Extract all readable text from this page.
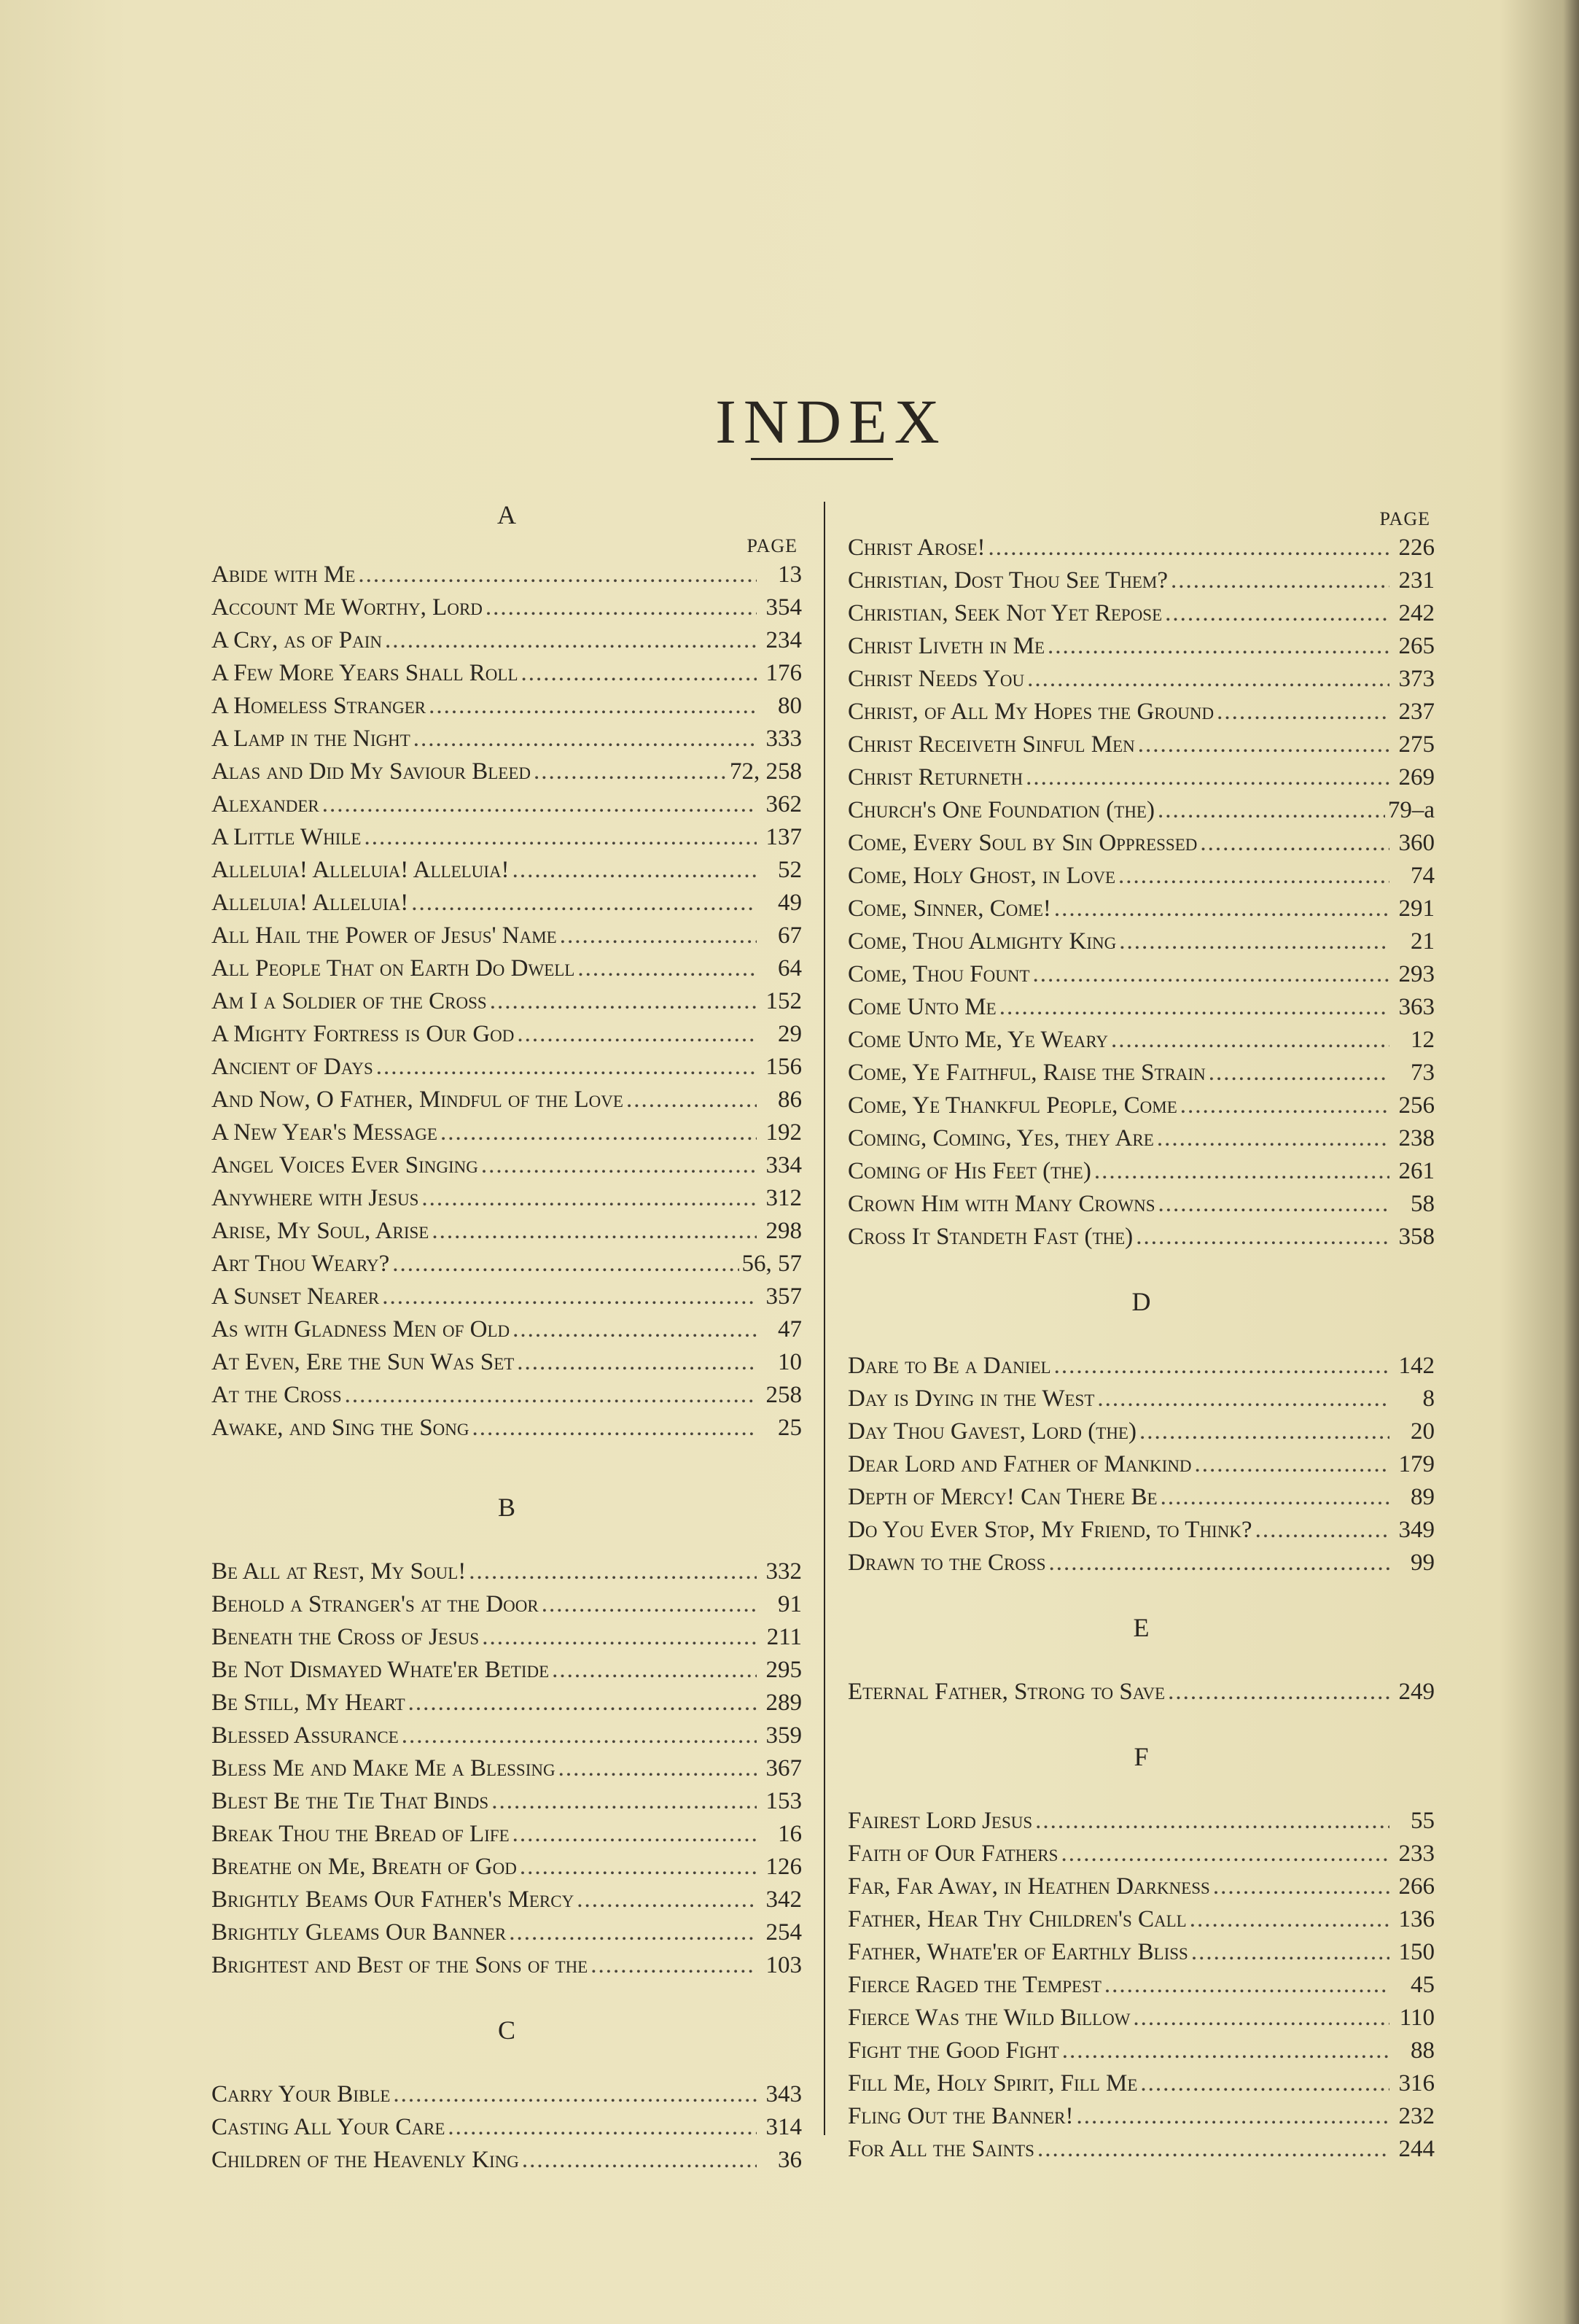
INDEX
A
PAGE
Abide with Me .....	13
Account Me Worthy, Lord .....	354
A Cry, as of Pain .....	234
A Few More Years Shall Roll .....	176
A Homeless Stranger .....	80
A Lamp in the Night .....	333
Alas and Did My Saviour Bleed .....	72, 258
Alexander .....	362
A Little While .....	137
Alleluia! Alleluia! Alleluia! .....	52
Alleluia! Alleluia! .....	49
All Hail the Power of Jesus' Name .....	67
All People That on Earth Do Dwell .....	64
Am I a Soldier of the Cross .....	152
A Mighty Fortress is Our God .....	29
Ancient of Days .....	156
And Now, O Father, Mindful of the Love .....	86
A New Year's Message .....	192
Angel Voices Ever Singing .....	334
Anywhere with Jesus .....	312
Arise, My Soul, Arise .....	298
Art Thou Weary? .....	56, 57
A Sunset Nearer .....	357
As with Gladness Men of Old .....	47
At Even, Ere the Sun Was Set .....	10
At the Cross .....	258
Awake, and Sing the Song .....	25
B
Be All at Rest, My Soul! .....	332
Behold a Stranger's at the Door .....	91
Beneath the Cross of Jesus .....	211
Be Not Dismayed Whate'er Betide .....	295
Be Still, My Heart .....	289
Blessed Assurance .....	359
Bless Me and Make Me a Blessing .....	367
Blest Be the Tie That Binds .....	153
Break Thou the Bread of Life .....	16
Breathe on Me, Breath of God .....	126
Brightly Beams Our Father's Mercy .....	342
Brightly Gleams Our Banner .....	254
Brightest and Best of the Sons of the .....	103
C
Carry Your Bible .....	343
Casting All Your Care .....	314
Children of the Heavenly King .....	36
PAGE
Christ Arose! .....	226
Christian, Dost Thou See Them? .....	231
Christian, Seek Not Yet Repose .....	242
Christ Liveth in Me .....	265
Christ Needs You .....	373
Christ, of All My Hopes the Ground .....	237
Christ Receiveth Sinful Men .....	275
Christ Returneth .....	269
Church's One Foundation (the) .....	79–a
Come, Every Soul by Sin Oppressed .....	360
Come, Holy Ghost, in Love .....	74
Come, Sinner, Come! .....	291
Come, Thou Almighty King .....	21
Come, Thou Fount .....	293
Come Unto Me .....	363
Come Unto Me, Ye Weary .....	12
Come, Ye Faithful, Raise the Strain .....	73
Come, Ye Thankful People, Come .....	256
Coming, Coming, Yes, they Are .....	238
Coming of His Feet (the) .....	261
Crown Him with Many Crowns .....	58
Cross It Standeth Fast (the) .....	358
D
Dare to Be a Daniel .....	142
Day is Dying in the West .....	8
Day Thou Gavest, Lord (the) .....	20
Dear Lord and Father of Mankind .....	179
Depth of Mercy! Can There Be .....	89
Do You Ever Stop, My Friend, to Think? .....	349
Drawn to the Cross .....	99
E
Eternal Father, Strong to Save .....	249
F
Fairest Lord Jesus .....	55
Faith of Our Fathers .....	233
Far, Far Away, in Heathen Darkness .....	266
Father, Hear Thy Children's Call .....	136
Father, Whate'er of Earthly Bliss .....	150
Fierce Raged the Tempest .....	45
Fierce Was the Wild Billow .....	110
Fight the Good Fight .....	88
Fill Me, Holy Spirit, Fill Me .....	316
Fling Out the Banner! .....	232
For All the Saints .....	244
